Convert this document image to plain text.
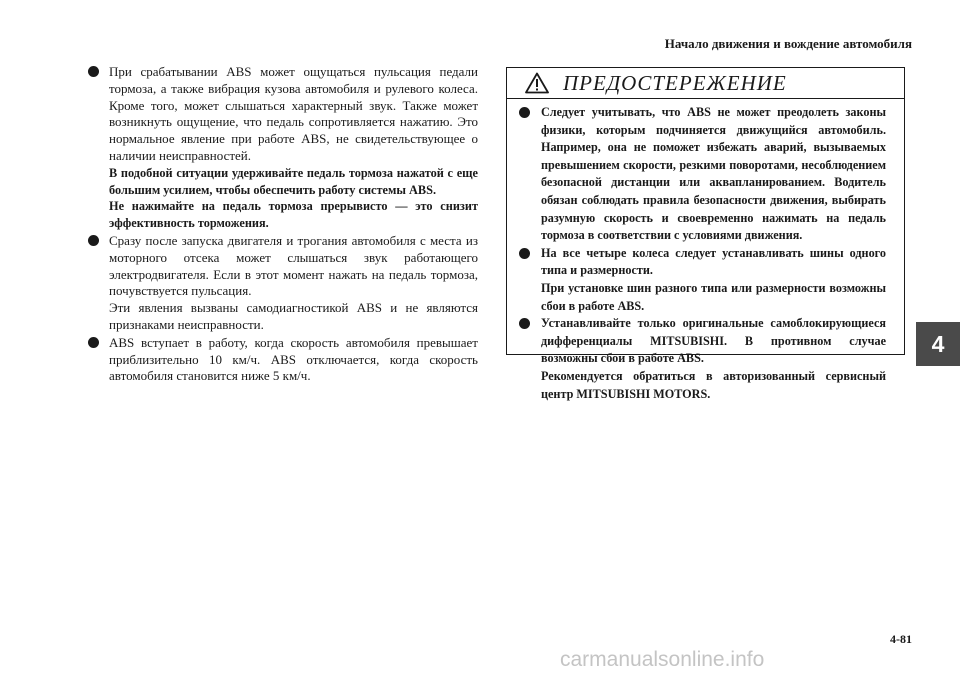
Начало движения и вождение автомобиля

При срабатывании ABS может ощущаться пульсация педали тормоза, а также вибрация кузова автомобиля и рулевого колеса. Кроме того, может слышаться характерный звук. Также может возникнуть ощущение, что педаль сопротивляется нажатию. Это нормальное явление при работе ABS, не свидетельствующее о наличии неисправностей.

В подобной ситуации удерживайте педаль тормоза нажатой с еще большим усилием, чтобы обеспечить работу системы ABS.

Не нажимайте на педаль тормоза прерывисто — это снизит эффективность торможения.

Сразу после запуска двигателя и трогания автомобиля с места из моторного отсека может слышаться звук работающего электродвигателя. Если в этот момент нажать на педаль тормоза, почувствуется пульсация.

Эти явления вызваны самодиагностикой ABS и не являются признаками неисправности.

ABS вступает в работу, когда скорость автомобиля превышает приблизительно 10 км/ч. ABS отключается, когда скорость автомобиля становится ниже 5 км/ч.

ПРЕДОСТЕРЕЖЕНИЕ

Следует учитывать, что ABS не может преодолеть законы физики, которым подчиняется движущийся автомобиль. Например, она не поможет избежать аварий, вызываемых превышением скорости, резкими поворотами, несоблюдением безопасной дистанции или аквапланированием. Водитель обязан соблюдать правила безопасности движения, выбирать разумную скорость и своевременно нажимать на педаль тормоза в соответствии с условиями движения.

На все четыре колеса следует устанавливать шины одного типа и размерности.

При установке шин разного типа или размерности возможны сбои в работе ABS.

Устанавливайте только оригинальные самоблокирующиеся дифференциалы MITSUBISHI. В противном случае возможны сбои в работе ABS.

Рекомендуется обратиться в авторизованный сервисный центр MITSUBISHI MOTORS.

4
4-81
carmanualsonline.info
